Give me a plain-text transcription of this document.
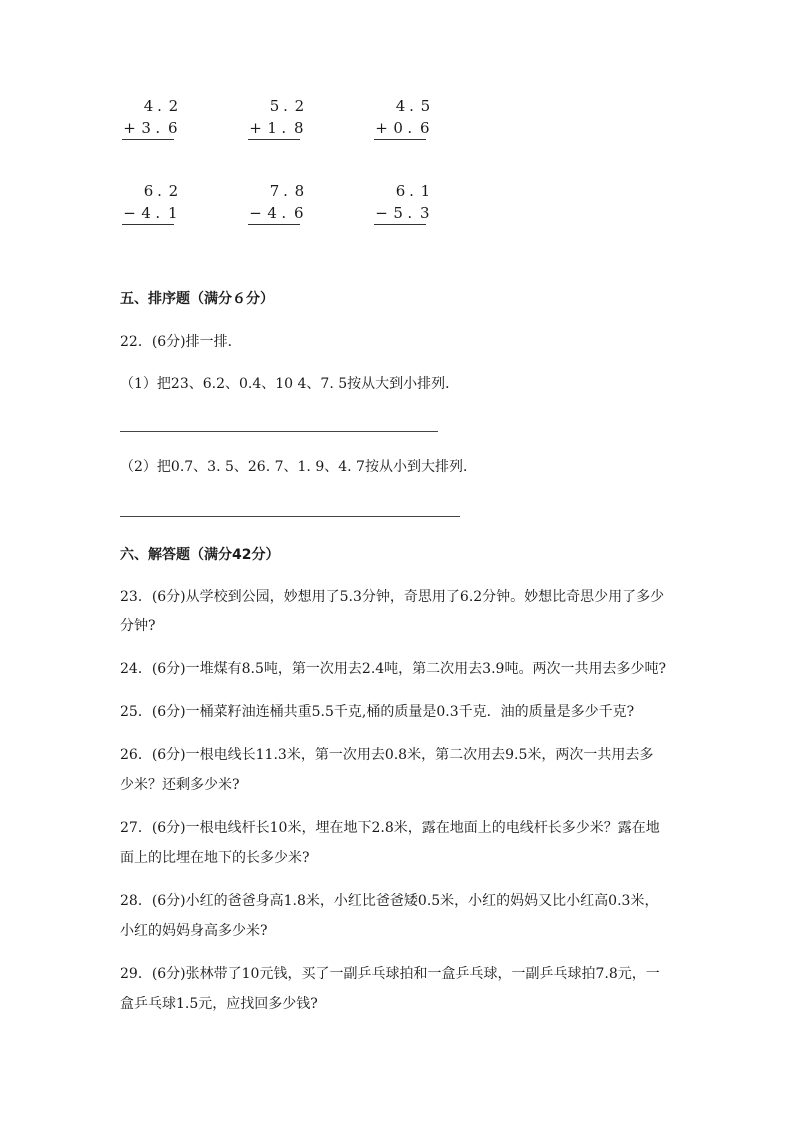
4 . 2
+ 3 . 6
5 . 2
+ 1 . 8
4 . 5
+ 0 . 6
6 . 2
− 4 . 1
7 . 8
− 4 . 6
6 . 1
− 5 . 3
五、排序题（满分６分）
22．(6分)排一排．
（1）把23、6.2、0.4、10 4、7. 5按从大到小排列．
（2）把0.7、3. 5、26. 7、1. 9、4. 7按从小到大排列．
六、解答题（满分42分）
23．(6分)从学校到公园，妙想用了5.3分钟，奇思用了6.2分钟。妙想比奇思少用了多少
分钟?
24．(6分)一堆煤有8.5吨，第一次用去2.4吨，第二次用去3.9吨。两次一共用去多少吨?
25．(6分)一桶菜籽油连桶共重5.5千克,桶的质量是0.3千克．油的质量是多少千克?
26．(6分)一根电线长11.3米，第一次用去0.8米，第二次用去9.5米，两次一共用去多
少米？还剩多少米?
27．(6分)一根电线杆长10米，埋在地下2.8米，露在地面上的电线杆长多少米？露在地
面上的比埋在地下的长多少米?
28．(6分)小红的爸爸身高1.8米，小红比爸爸矮0.5米，小红的妈妈又比小红高0.3米，
小红的妈妈身高多少米?
29．(6分)张林带了10元钱，买了一副乒乓球拍和一盒乒乓球，一副乒乓球拍7.8元，一
盒乒乓球1.5元，应找回多少钱?
